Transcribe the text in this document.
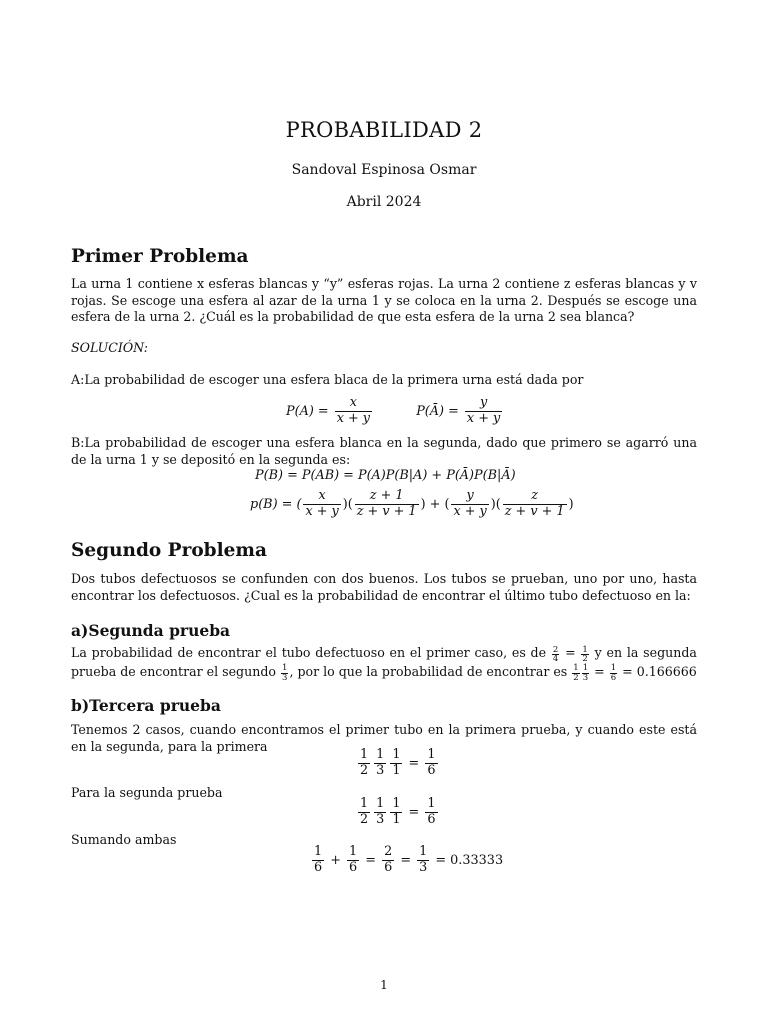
PROBABILIDAD 2
Sandoval Espinosa Osmar
Abril 2024
Primer Problema
La urna 1 contiene x esferas blancas y “y” esferas rojas. La urna 2 contiene z esferas blancas y v rojas. Se escoge una esfera al azar de la urna 1 y se coloca en la urna 2. Después se escoge una esfera de la urna 2. ¿Cuál es la probabilidad de que esta esfera de la urna 2 sea blanca?
SOLUCIÓN:
A:La probabilidad de escoger una esfera blaca de la primera urna está dada por
$P(A) = \frac{x}{x + y}$	P(Ā) = $\frac{y}{x + y}$
B:La probabilidad de escoger una esfera blanca en la segunda, dado que primero se agarró una de la urna 1 y se depositó en la segunda es:
P(B) = P(AB) = P(A)P(B|A) + P(Ā)P(B|Ā)
p(B) = ( $\frac{x}{x + y}$ )( $\frac{z + 1}{z + v + 1}$ ) + ( $\frac{y}{x + y}$ )( $\frac{z}{z + v + 1}$ )
Segundo Problema
Dos tubos defectuosos se confunden con dos buenos. Los tubos se prueban, uno por uno, hasta encontrar los defectuosos. ¿Cual es la probabilidad de encontrar el último tubo defectuoso en la:
a)Segunda prueba
La probabilidad de encontrar el tubo defectuoso en el primer caso, es de $\frac{2}{4} = \frac{1}{2}$ y en la segunda prueba de encontrar el segundo $\frac{1}{3}$ , por lo que la probabilidad de encontrar es $\frac{1}{2} \frac{1}{3} = \frac{1}{6} = 0.166666$
b)Tercera prueba
Tenemos 2 casos, cuando encontramos el primer tubo en la primera prueba, y cuando este está en la segunda, para la primera
$\frac{1}{2} \frac{1}{3} \frac{1}{1} = \frac{1}{6}$
Para la segunda prueba
$\frac{1}{2} \frac{1}{3} \frac{1}{1} = \frac{1}{6}$
Sumando ambas
$\frac{1}{6} + \frac{1}{6} = \frac{2}{6} = \frac{1}{3} = 0.33333$
1
